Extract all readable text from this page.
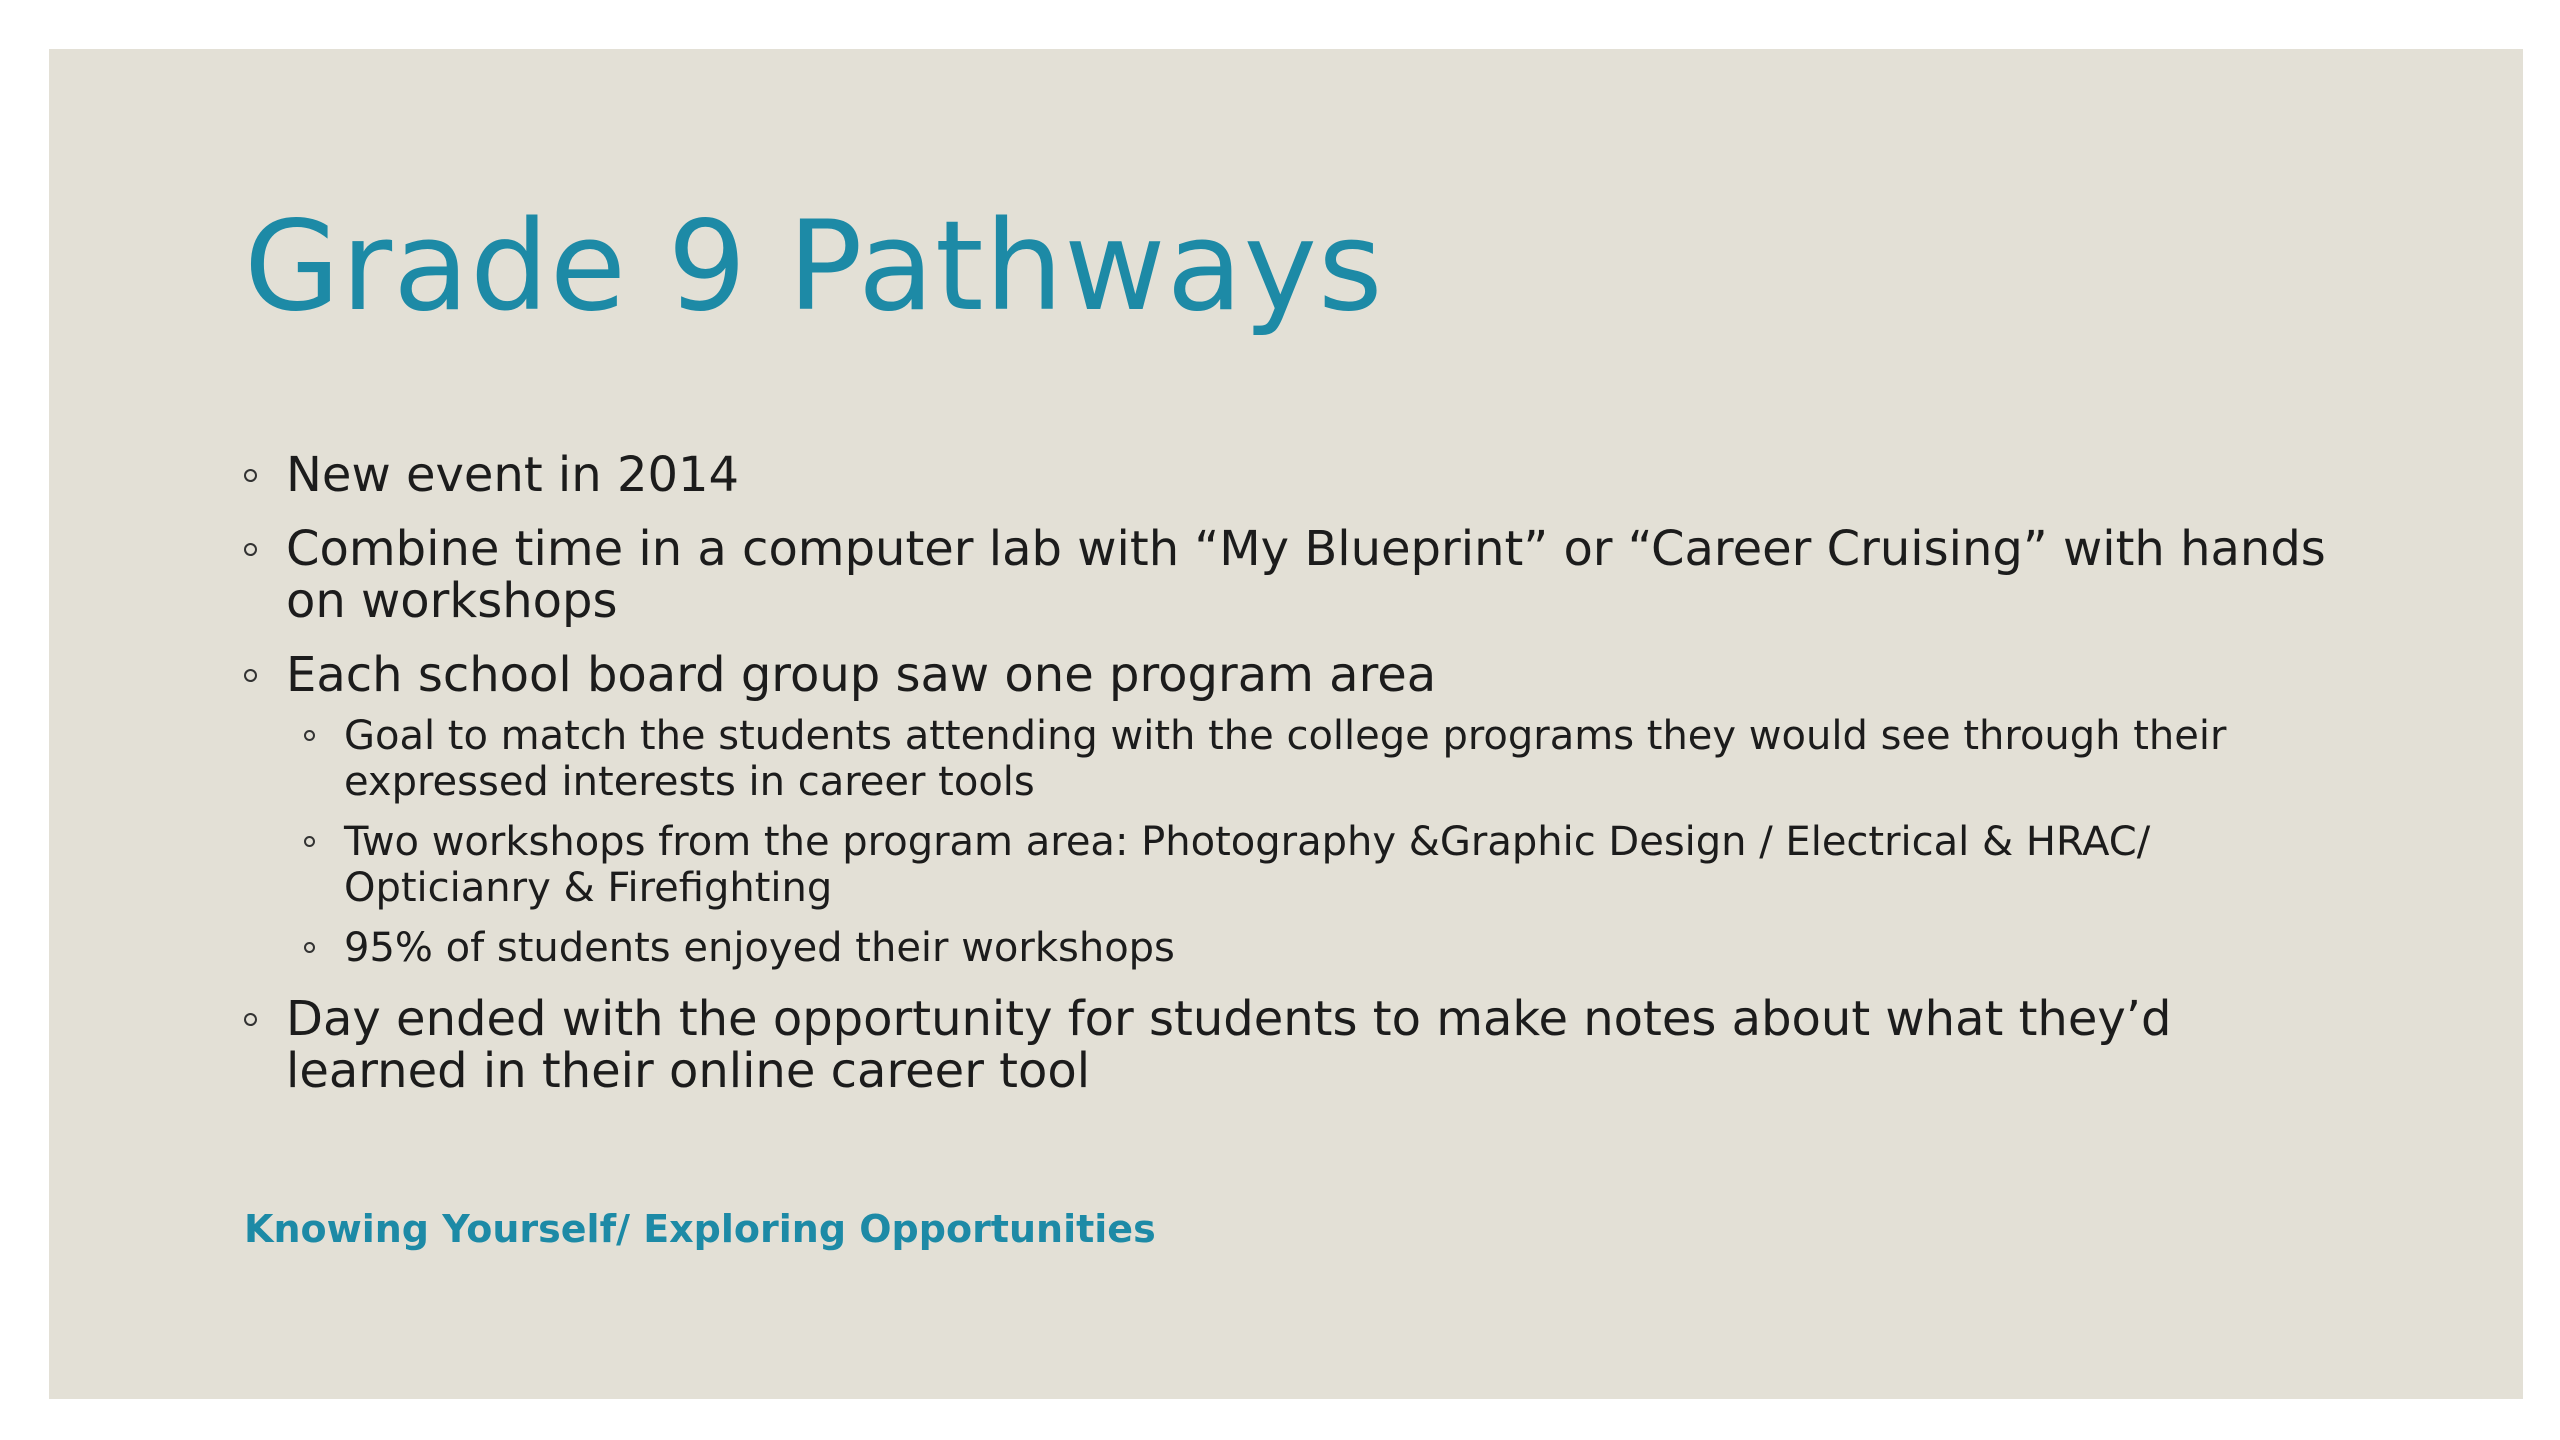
Grade 9 Pathways
New event in 2014
Combine time in a computer lab with “My Blueprint” or “Career Cruising” with hands on workshops
Each school board group saw one program area
Goal to match the students attending with the college programs they would see through their expressed interests in career tools
Two workshops from the program area: Photography &Graphic Design / Electrical & HRAC/ Opticianry & Firefighting
95% of students enjoyed their workshops
Day ended with the opportunity for students to make notes about what they’d learned in their online career tool

Knowing Yourself/ Exploring Opportunities
